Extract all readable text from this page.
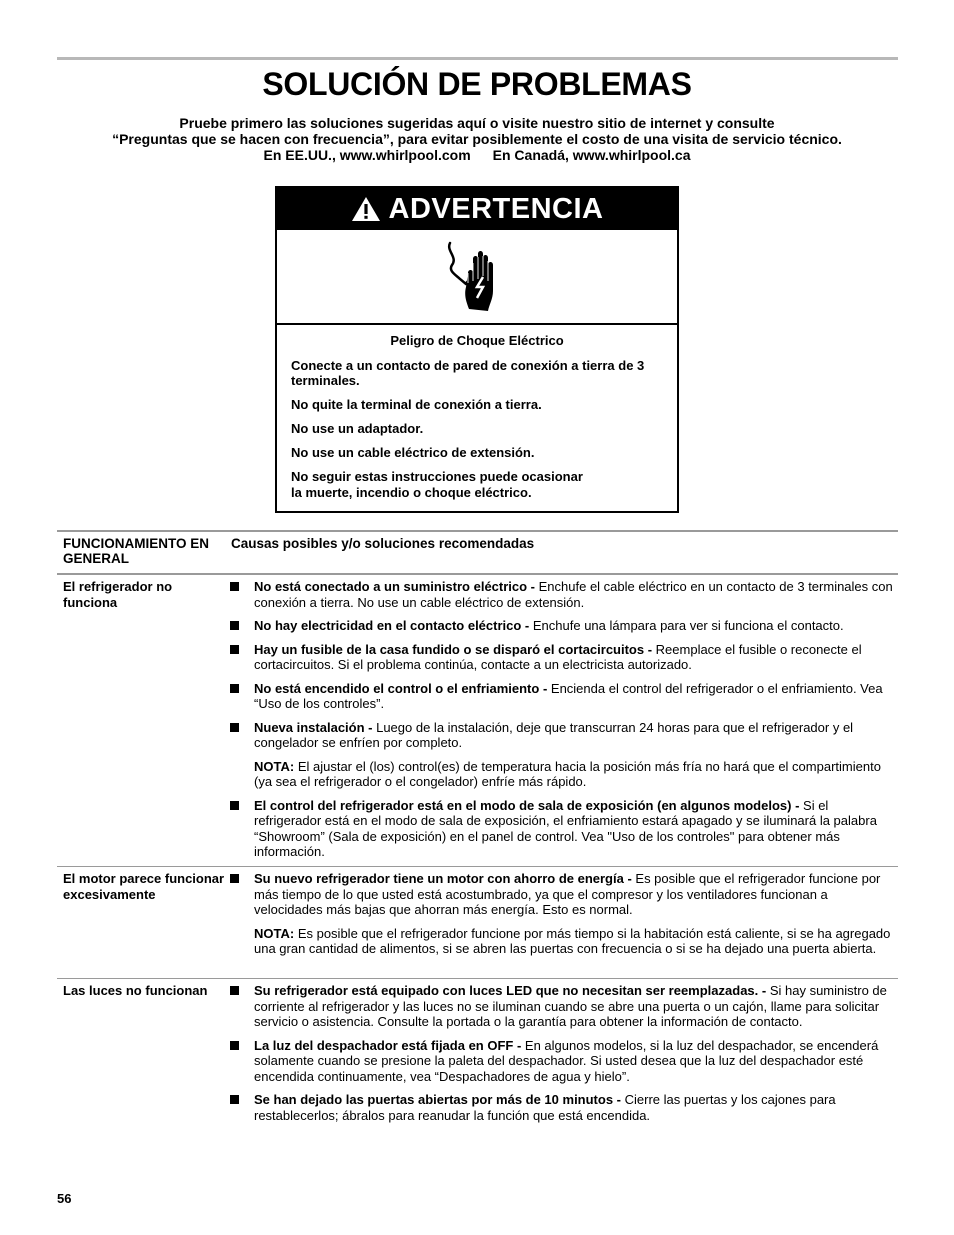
SOLUCIÓN DE PROBLEMAS
Pruebe primero las soluciones sugeridas aquí o visite nuestro sitio de internet y consulte
“Preguntas que se hacen con frecuencia”, para evitar posiblemente el costo de una visita de servicio técnico.
En EE.UU., www.whirlpool.com En Canadá, www.whirlpool.ca
ADVERTENCIA

Peligro de Choque Eléctrico

Conecte a un contacto de pared de conexión a tierra de 3 terminales.

No quite la terminal de conexión a tierra.

No use un adaptador.

No use un cable eléctrico de extensión.

No seguir estas instrucciones puede ocasionar
la muerte, incendio o choque eléctrico.

FUNCIONAMIENTO EN GENERAL
Causas posibles y/o soluciones recomendadas
El refrigerador no funciona
No está conectado a un suministro eléctrico - Enchufe el cable eléctrico en un contacto de 3 terminales con conexión a tierra. No use un cable eléctrico de extensión.
No hay electricidad en el contacto eléctrico - Enchufe una lámpara para ver si funciona el contacto.
Hay un fusible de la casa fundido o se disparó el cortacircuitos - Reemplace el fusible o reconecte el cortacircuitos. Si el problema continúa, contacte a un electricista autorizado.
No está encendido el control o el enfriamiento - Encienda el control del refrigerador o el enfriamiento. Vea “Uso de los controles”.
Nueva instalación - Luego de la instalación, deje que transcurran 24 horas para que el refrigerador y el congelador se enfríen por completo.
NOTA: El ajustar el (los) control(es) de temperatura hacia la posición más fría no hará que el compartimiento (ya sea el refrigerador o el congelador) enfríe más rápido.
El control del refrigerador está en el modo de sala de exposición (en algunos modelos) - Si el refrigerador está en el modo de sala de exposición, el enfriamiento estará apagado y se iluminará la palabra “Showroom” (Sala de exposición) en el panel de control. Vea "Uso de los controles" para obtener más información.
El motor parece funcionar excesivamente
Su nuevo refrigerador tiene un motor con ahorro de energía - Es posible que el refrigerador funcione por más tiempo de lo que usted está acostumbrado, ya que el compresor y los ventiladores funcionan a velocidades más bajas que ahorran más energía. Esto es normal.
NOTA: Es posible que el refrigerador funcione por más tiempo si la habitación está caliente, si se ha agregado una gran cantidad de alimentos, si se abren las puertas con frecuencia o si se ha dejado una puerta abierta.
Las luces no funcionan	Su refrigerador está equipado con luces LED que no necesitan ser reemplazadas. - Si hay suministro de corriente al refrigerador y las luces no se iluminan cuando se abre una puerta o un cajón, llame para solicitar servicio o asistencia. Consulte la portada o la garantía para obtener la información de contacto.
La luz del despachador está fijada en OFF - En algunos modelos, si la luz del despachador, se encenderá solamente cuando se presione la paleta del despachador. Si usted desea que la luz del despachador esté encendida continuamente, vea “Despachadores de agua y hielo”.
Se han dejado las puertas abiertas por más de 10 minutos - Cierre las puertas y los cajones para restablecerlos; ábralos para reanudar la función que está encendida.
56
